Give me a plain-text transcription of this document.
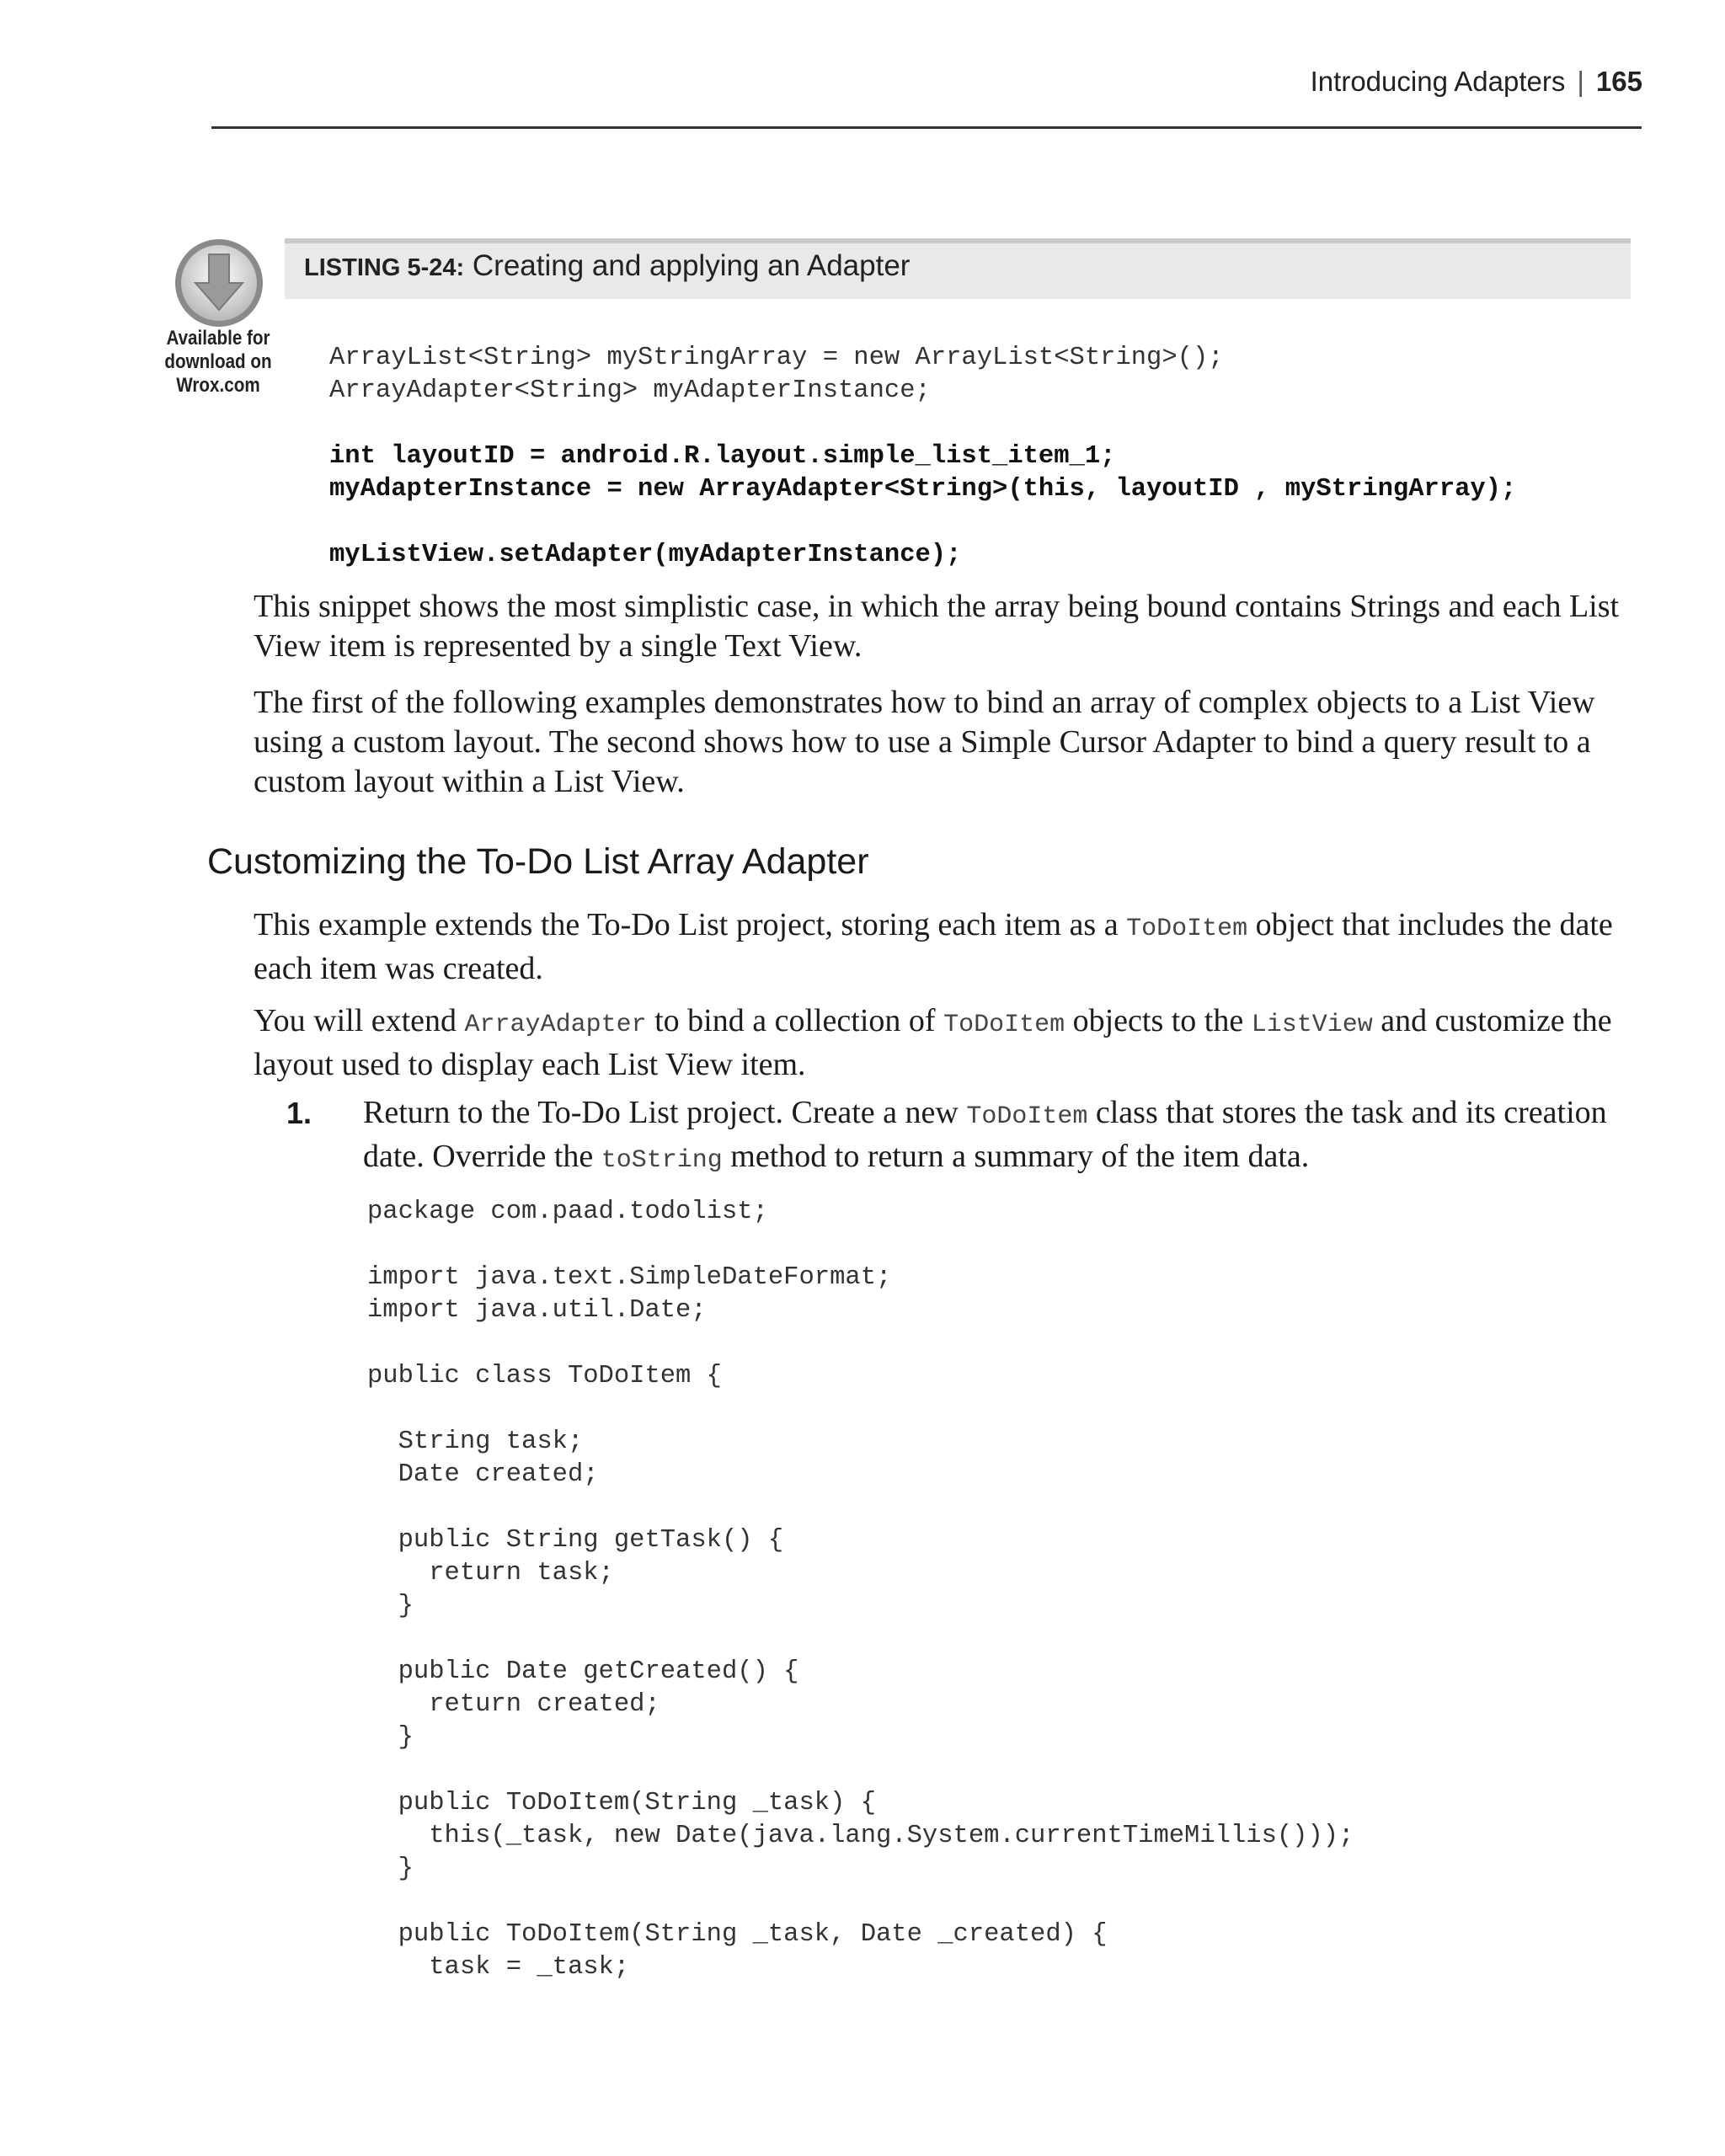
Introducing Adapters | 165
Available for
download on
Wrox.com
LISTING 5-24: Creating and applying an Adapter
ArrayList<String> myStringArray = new ArrayList<String>();
ArrayAdapter<String> myAdapterInstance;
int layoutID = android.R.layout.simple_list_item_1;
myAdapterInstance = new ArrayAdapter<String>(this, layoutID , myStringArray);
myListView.setAdapter(myAdapterInstance);

This snippet shows the most simplistic case, in which the array being bound contains Strings and each List View item is represented by a single Text View.

The first of the following examples demonstrates how to bind an array of complex objects to a List View using a custom layout. The second shows how to use a Simple Cursor Adapter to bind a query result to a custom layout within a List View.

Customizing the To-Do List Array Adapter

This example extends the To-Do List project, storing each item as a ToDoItem object that includes the date each item was created.

You will extend ArrayAdapter to bind a collection of ToDoItem objects to the ListView and customize the layout used to display each List View item.

1. Return to the To-Do List project. Create a new ToDoItem class that stores the task and its creation date. Override the toString method to return a summary of the item data.

package com.paad.todolist;

import java.text.SimpleDateFormat;
import java.util.Date;

public class ToDoItem {

String task;
Date created;

public String getTask() {
return task;
}

public Date getCreated() {
return created;
}

public ToDoItem(String _task) {
this(_task, new Date(java.lang.System.currentTimeMillis()));
}

public ToDoItem(String _task, Date _created) {
task = _task;
